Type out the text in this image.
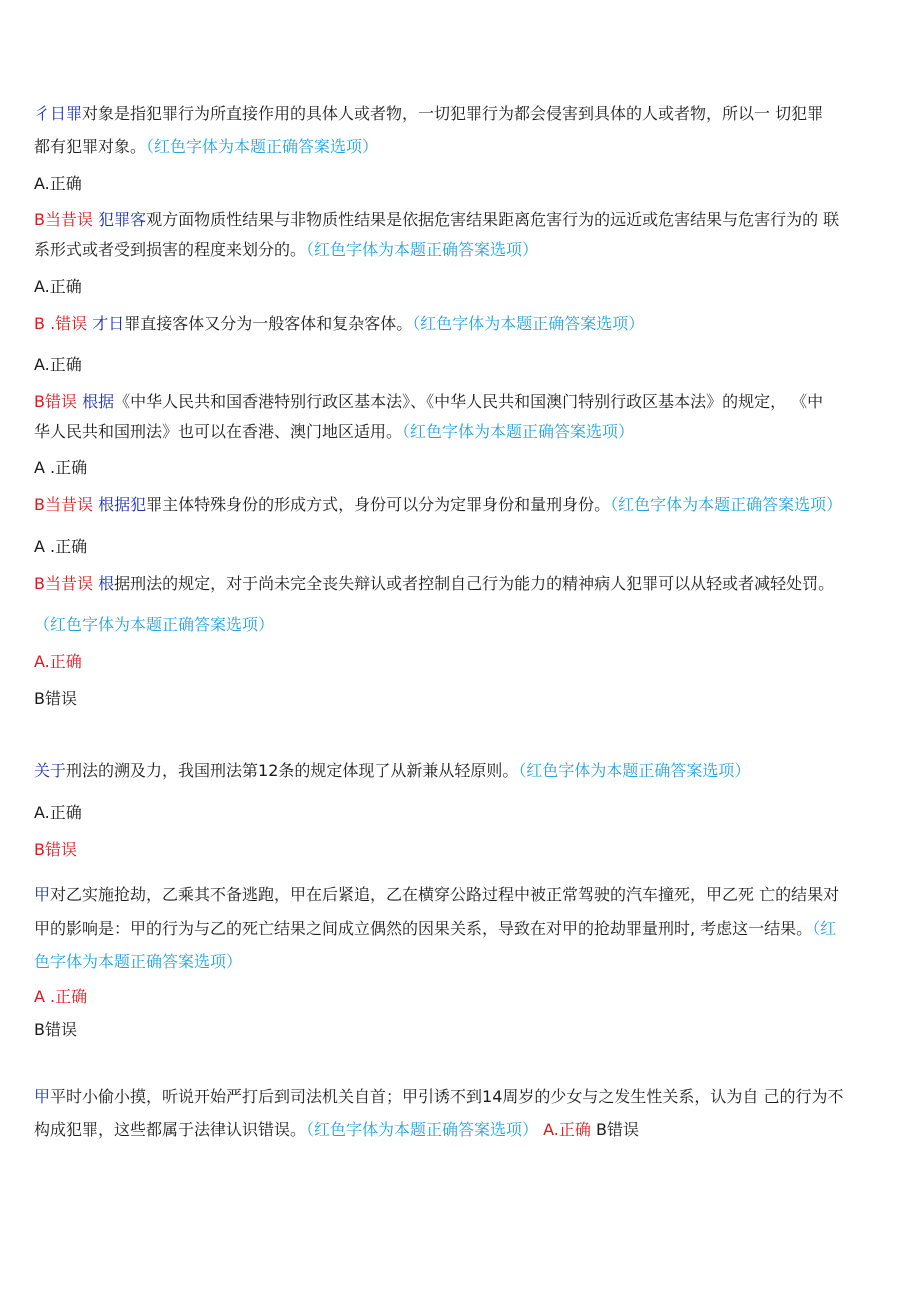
彳日罪对象是指犯罪行为所直接作用的具体人或者物，一切犯罪行为都会侵害到具体的人或者物，所以一 切犯罪
都有犯罪对象。（红色字体为本题正确答案选项）
A.正确
B当昔误 犯罪客观方面物质性结果与非物质性结果是依据危害结果距离危害行为的远近或危害结果与危害行为的 联
系形式或者受到损害的程度来划分的。（红色字体为本题正确答案选项）
A.正确
B .错误 才日罪直接客体又分为一般客体和复杂客体。（红色字体为本题正确答案选项）
A.正确
B错误 根据《中华人民共和国香港特别行政区基本法》、《中华人民共和国澳门特别行政区基本法》的规定， 《中
华人民共和国刑法》也可以在香港、澳门地区适用。（红色字体为本题正确答案选项）
A .正确
B当昔误 根据犯罪主体特殊身份的形成方式，身份可以分为定罪身份和量刑身份。（红色字体为本题正确答案选项）
A .正确
B当昔误 根据刑法的规定，对于尚未完全丧失辩认或者控制自己行为能力的精神病人犯罪可以从轻或者减轻处罚。
（红色字体为本题正确答案选项）
A.正确
B错误
关于刑法的溯及力，我国刑法第12条的规定体现了从新兼从轻原则。（红色字体为本题正确答案选项）
A.正确
B错误
甲对乙实施抢劫，乙乘其不备逃跑，甲在后紧追，乙在横穿公路过程中被正常驾驶的汽车撞死，甲乙死 亡的结果对
甲的影响是：甲的行为与乙的死亡结果之间成立偶然的因果关系，导致在对甲的抢劫罪量刑时, 考虑这一结果。（红
色字体为本题正确答案选项）
A .正确
B错误
甲平时小偷小摸，听说开始严打后到司法机关自首；甲引诱不到14周岁的少女与之发生性关系，认为自 己的行为不
构成犯罪，这些都属于法律认识错误。（红色字体为本题正确答案选项） A.正确 B错误
